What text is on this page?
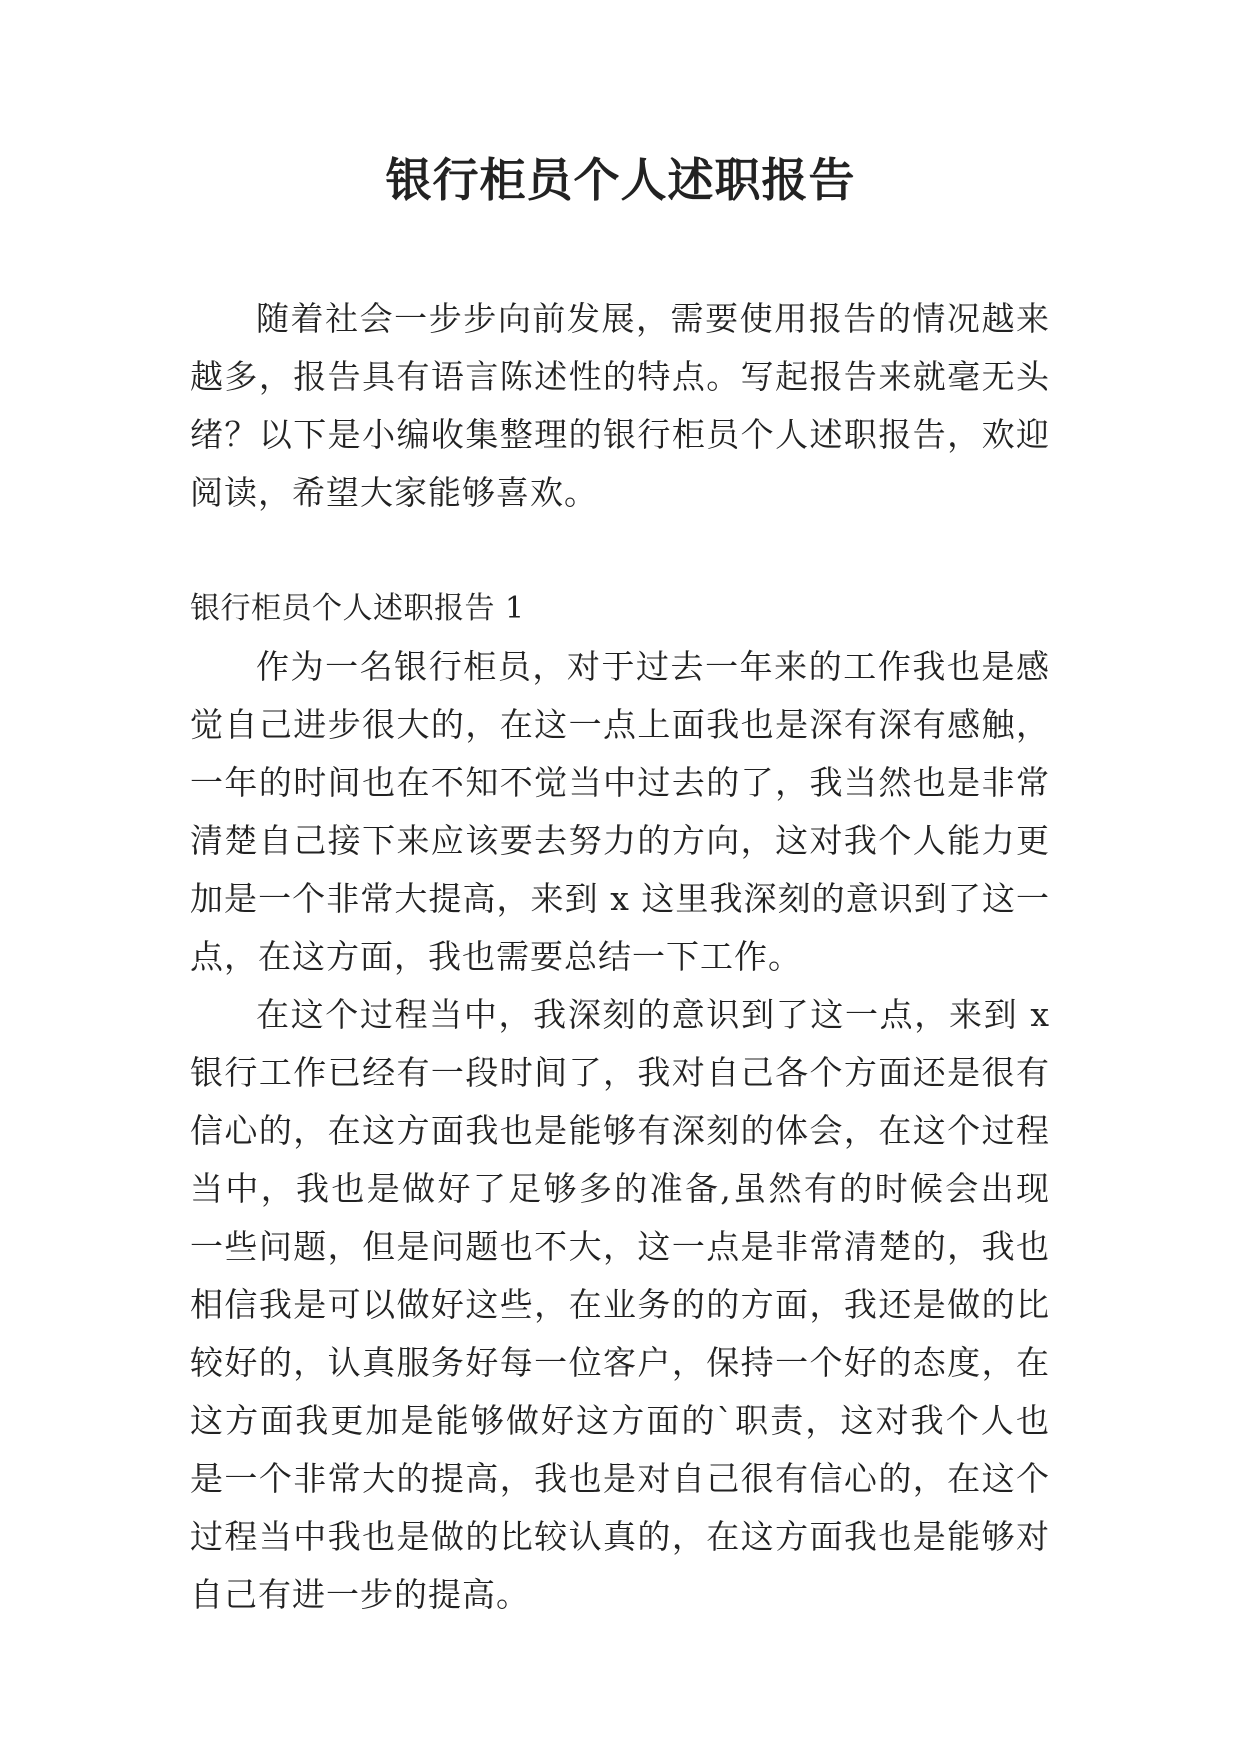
银行柜员个人述职报告

随着社会一步步向前发展，需要使用报告的情况越来越多，报告具有语言陈述性的特点。写起报告来就毫无头绪？以下是小编收集整理的银行柜员个人述职报告，欢迎阅读，希望大家能够喜欢。

银行柜员个人述职报告 1

作为一名银行柜员，对于过去一年来的工作我也是感觉自己进步很大的，在这一点上面我也是深有深有感触，一年的时间也在不知不觉当中过去的了，我当然也是非常清楚自己接下来应该要去努力的方向，这对我个人能力更加是一个非常大提高，来到 x 这里我深刻的意识到了这一点，在这方面，我也需要总结一下工作。

在这个过程当中，我深刻的意识到了这一点，来到 x 银行工作已经有一段时间了，我对自己各个方面还是很有信心的，在这方面我也是能够有深刻的体会，在这个过程当中，我也是做好了足够多的准备,虽然有的时候会出现一些问题，但是问题也不大，这一点是非常清楚的，我也相信我是可以做好这些，在业务的的方面，我还是做的比较好的，认真服务好每一位客户，保持一个好的态度，在这方面我更加是能够做好这方面的`职责，这对我个人也是一个非常大的提高，我也是对自己很有信心的，在这个过程当中我也是做的比较认真的，在这方面我也是能够对自己有进一步的提高。
